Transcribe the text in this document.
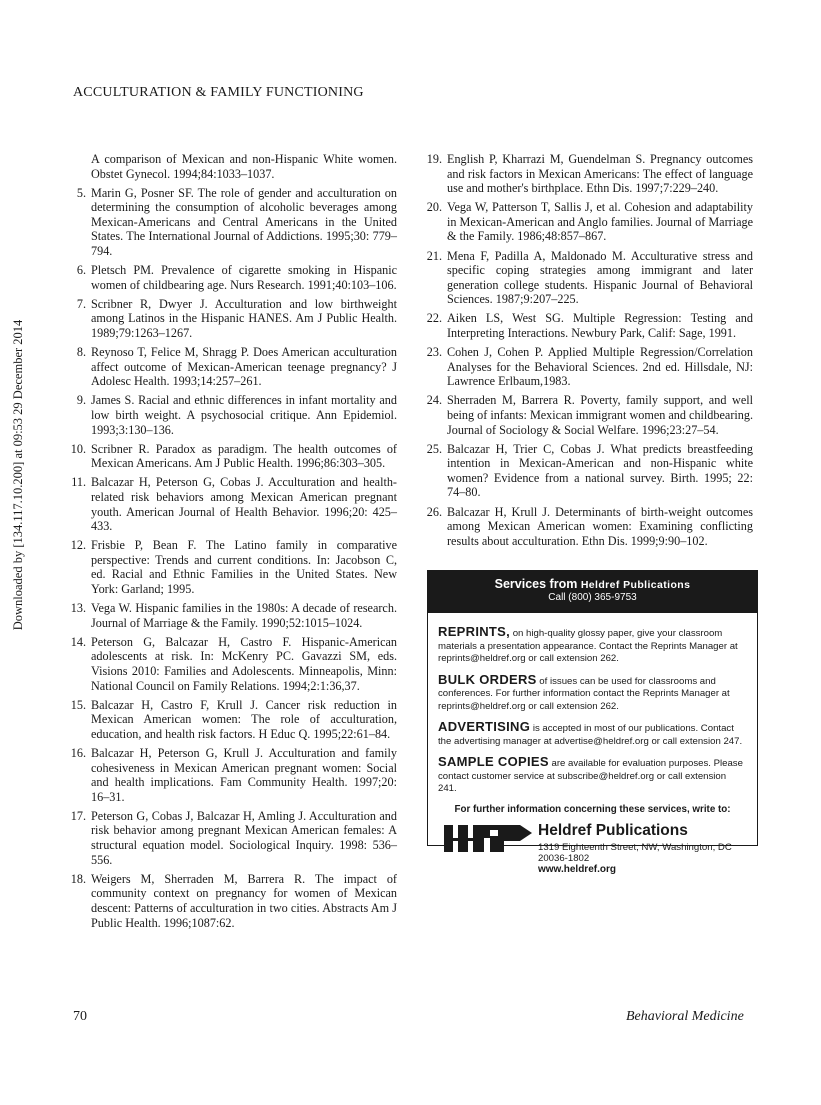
Downloaded by [134.117.10.200] at 09:53 29 December 2014
ACCULTURATION & FAMILY FUNCTIONING
A comparison of Mexican and non-Hispanic White women. Obstet Gynecol. 1994;84:1033–1037.
5. Marin G, Posner SF. The role of gender and acculturation on determining the consumption of alcoholic beverages among Mexican-Americans and Central Americans in the United States. The International Journal of Addictions. 1995;30: 779–794.
6. Pletsch PM. Prevalence of cigarette smoking in Hispanic women of childbearing age. Nurs Research. 1991;40:103–106.
7. Scribner R, Dwyer J. Acculturation and low birthweight among Latinos in the Hispanic HANES. Am J Public Health. 1989;79:1263–1267.
8. Reynoso T, Felice M, Shragg P. Does American acculturation affect outcome of Mexican-American teenage pregnancy? J Adolesc Health. 1993;14:257–261.
9. James S. Racial and ethnic differences in infant mortality and low birth weight. A psychosocial critique. Ann Epidemiol. 1993;3:130–136.
10. Scribner R. Paradox as paradigm. The health outcomes of Mexican Americans. Am J Public Health. 1996;86:303–305.
11. Balcazar H, Peterson G, Cobas J. Acculturation and health-related risk behaviors among Mexican American pregnant youth. American Journal of Health Behavior. 1996;20: 425–433.
12. Frisbie P, Bean F. The Latino family in comparative perspective: Trends and current conditions. In: Jacobson C, ed. Racial and Ethnic Families in the United States. New York: Garland; 1995.
13. Vega W. Hispanic families in the 1980s: A decade of research. Journal of Marriage & the Family. 1990;52:1015–1024.
14. Peterson G, Balcazar H, Castro F. Hispanic-American adolescents at risk. In: McKenry PC. Gavazzi SM, eds. Visions 2010: Families and Adolescents. Minneapolis, Minn: National Council on Family Relations. 1994;2:1:36,37.
15. Balcazar H, Castro F, Krull J. Cancer risk reduction in Mexican American women: The role of acculturation, education, and health risk factors. H Educ Q. 1995;22:61–84.
16. Balcazar H, Peterson G, Krull J. Acculturation and family cohesiveness in Mexican American pregnant women: Social and health implications. Fam Community Health. 1997;20: 16–31.
17. Peterson G, Cobas J, Balcazar H, Amling J. Acculturation and risk behavior among pregnant Mexican American females: A structural equation model. Sociological Inquiry. 1998: 536–556.
18. Weigers M, Sherraden M, Barrera R. The impact of community context on pregnancy for women of Mexican descent: Patterns of acculturation in two cities. Abstracts Am J Public Health. 1996;1087:62.
19. English P, Kharrazi M, Guendelman S. Pregnancy outcomes and risk factors in Mexican Americans: The effect of language use and mother's birthplace. Ethn Dis. 1997;7:229–240.
20. Vega W, Patterson T, Sallis J, et al. Cohesion and adaptability in Mexican-American and Anglo families. Journal of Marriage & the Family. 1986;48:857–867.
21. Mena F, Padilla A, Maldonado M. Acculturative stress and specific coping strategies among immigrant and later generation college students. Hispanic Journal of Behavioral Sciences. 1987;9:207–225.
22. Aiken LS, West SG. Multiple Regression: Testing and Interpreting Interactions. Newbury Park, Calif: Sage, 1991.
23. Cohen J, Cohen P. Applied Multiple Regression/Correlation Analyses for the Behavioral Sciences. 2nd ed. Hillsdale, NJ: Lawrence Erlbaum,1983.
24. Sherraden M, Barrera R. Poverty, family support, and well being of infants: Mexican immigrant women and childbearing. Journal of Sociology & Social Welfare. 1996;23:27–54.
25. Balcazar H, Trier C, Cobas J. What predicts breastfeeding intention in Mexican-American and non-Hispanic white women? Evidence from a national survey. Birth. 1995; 22: 74–80.
26. Balcazar H, Krull J. Determinants of birth-weight outcomes among Mexican American women: Examining conflicting results about acculturation. Ethn Dis. 1999;9:90–102.
Services from Heldref Publications
Call (800) 365-9753
REPRINTS, on high-quality glossy paper, give your classroom materials a presentation appearance. Contact the Reprints Manager at reprints@heldref.org or call extension 262.
BULK ORDERS of issues can be used for classrooms and conferences. For further information contact the Reprints Manager at reprints@heldref.org or call extension 262.
ADVERTISING is accepted in most of our publications. Contact the advertising manager at advertise@heldref.org or call extension 247.
SAMPLE COPIES are available for evaluation purposes. Please contact customer service at subscribe@heldref.org or call extension 241.
For further information concerning these services, write to:
Heldref Publications
1319 Eighteenth Street, NW, Washington, DC 20036-1802
www.heldref.org
70	Behavioral Medicine
